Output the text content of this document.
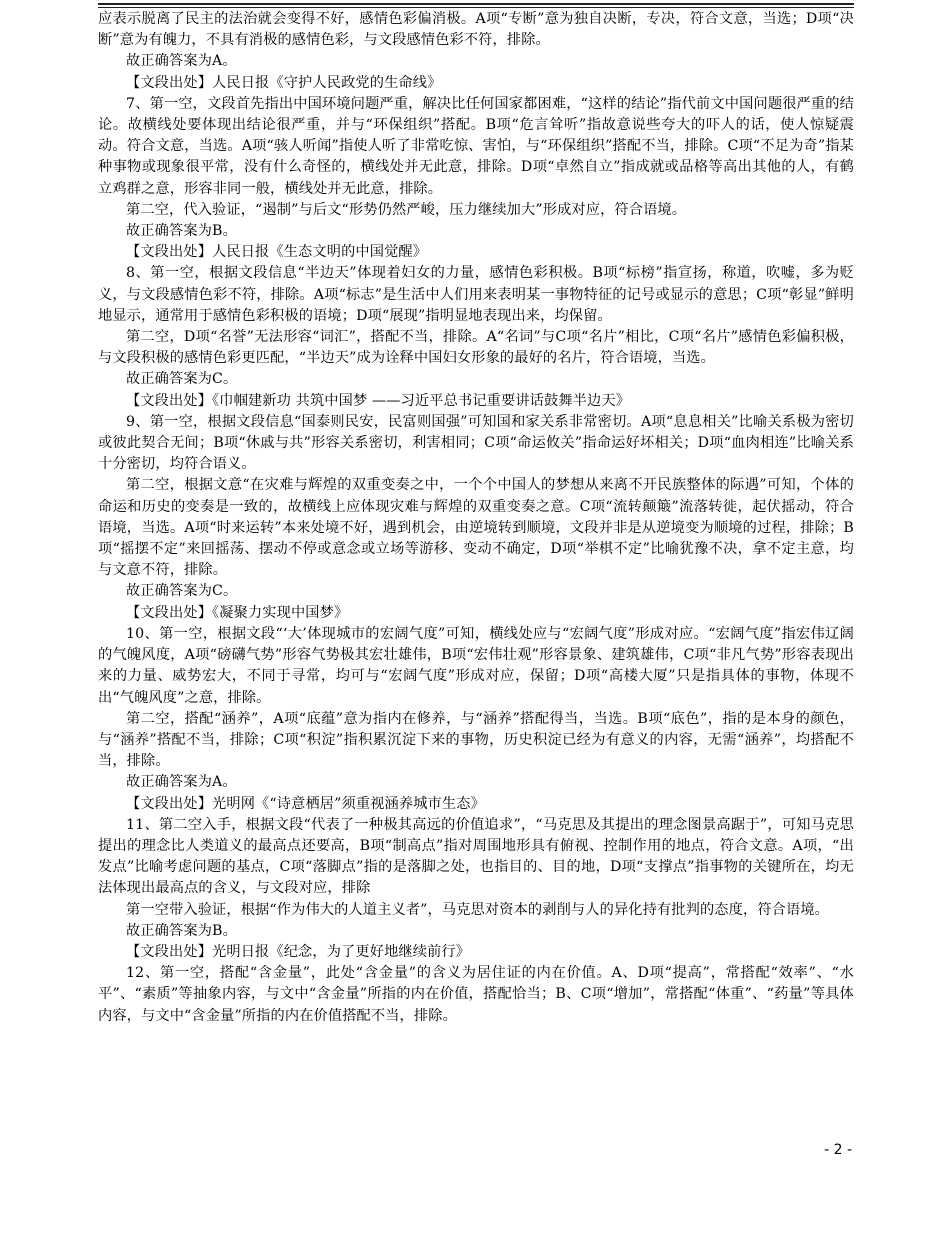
应表示脱离了民主的法治就会变得不好，感情色彩偏消极。A项“专断”意为独自决断，专决，符合文意，当选；D项“决断”意为有魄力，不具有消极的感情色彩，与文段感情色彩不符，排除。

故正确答案为A。

【文段出处】人民日报《守护人民政党的生命线》

7、第一空，文段首先指出中国环境问题严重，解决比任何国家都困难，“这样的结论”指代前文中国问题很严重的结论。故横线处要体现出结论很严重，并与“环保组织”搭配。B项“危言耸听”指故意说些夸大的吓人的话，使人惊疑震动。符合文意，当选。A项“骇人听闻”指使人听了非常吃惊、害怕，与“环保组织”搭配不当，排除。C项“不足为奇”指某种事物或现象很平常，没有什么奇怪的，横线处并无此意，排除。D项“卓然自立”指成就或品格等高出其他的人，有鹤立鸡群之意，形容非同一般，横线处并无此意，排除。

第二空，代入验证，“遏制”与后文“形势仍然严峻，压力继续加大”形成对应，符合语境。

故正确答案为B。

【文段出处】人民日报《生态文明的中国觉醒》

8、第一空，根据文段信息“半边天”体现着妇女的力量，感情色彩积极。B项“标榜”指宣扬，称道，吹嘘，多为贬义，与文段感情色彩不符，排除。A项“标志”是生活中人们用来表明某一事物特征的记号或显示的意思；C项“彰显”鲜明地显示，通常用于感情色彩积极的语境；D项“展现”指明显地表现出来，均保留。

第二空，D项“名誉”无法形容“词汇”，搭配不当，排除。A“名词”与C项“名片”相比，C项“名片”感情色彩偏积极，与文段积极的感情色彩更匹配，“半边天”成为诠释中国妇女形象的最好的名片，符合语境，当选。

故正确答案为C。

【文段出处】《巾帼建新功 共筑中国梦 ——习近平总书记重要讲话鼓舞半边天》

9、第一空，根据文段信息“国泰则民安，民富则国强”可知国和家关系非常密切。A项“息息相关”比喻关系极为密切或彼此契合无间；B项“休戚与共”形容关系密切，利害相同；C项“命运攸关”指命运好坏相关；D项“血肉相连”比喻关系十分密切，均符合语义。

第二空，根据文意“在灾难与辉煌的双重变奏之中，一个个中国人的梦想从来离不开民族整体的际遇”可知，个体的命运和历史的变奏是一致的，故横线上应体现灾难与辉煌的双重变奏之意。C项“流转颠簸”流落转徙，起伏摇动，符合语境，当选。A项“时来运转”本来处境不好，遇到机会，由逆境转到顺境，文段并非是从逆境变为顺境的过程，排除；B项“摇摆不定”来回摇荡、摆动不停或意念或立场等游移、变动不确定，D项“举棋不定”比喻犹豫不决，拿不定主意，均与文意不符，排除。

故正确答案为C。

【文段出处】《凝聚力实现中国梦》

10、第一空，根据文段“‘大’体现城市的宏阔气度”可知，横线处应与“宏阔气度”形成对应。“宏阔气度”指宏伟辽阔的气魄风度，A项“磅礴气势”形容气势极其宏壮雄伟，B项“宏伟壮观”形容景象、建筑雄伟，C项“非凡气势”形容表现出来的力量、威势宏大，不同于寻常，均可与“宏阔气度”形成对应，保留；D项“高楼大厦”只是指具体的事物，体现不出“气魄风度”之意，排除。

第二空，搭配“涵养”，A项“底蕴”意为指内在修养，与“涵养”搭配得当，当选。B项“底色”，指的是本身的颜色，与“涵养”搭配不当，排除；C项“积淀”指积累沉淀下来的事物，历史积淀已经为有意义的内容，无需“涵养”，均搭配不当，排除。

故正确答案为A。

【文段出处】光明网《“诗意栖居”须重视涵养城市生态》

11、第二空入手，根据文段“代表了一种极其高远的价值追求”，“马克思及其提出的理念图景高踞于”，可知马克思提出的理念比人类道义的最高点还要高，B项“制高点”指对周围地形具有俯视、控制作用的地点，符合文意。A项，“出发点”比喻考虑问题的基点，C项“落脚点”指的是落脚之处，也指目的、目的地，D项“支撑点”指事物的关键所在，均无法体现出最高点的含义，与文段对应，排除

第一空带入验证，根据“作为伟大的人道主义者”，马克思对资本的剥削与人的异化持有批判的态度，符合语境。

故正确答案为B。

【文段出处】光明日报《纪念，为了更好地继续前行》

12、第一空，搭配“含金量”，此处“含金量”的含义为居住证的内在价值。A、D项“提高”，常搭配“效率”、“水平”、“素质”等抽象内容，与文中“含金量”所指的内在价值，搭配恰当；B、C项“增加”，常搭配“体重”、“药量”等具体内容，与文中“含金量”所指的内在价值搭配不当，排除。

- 2 -
